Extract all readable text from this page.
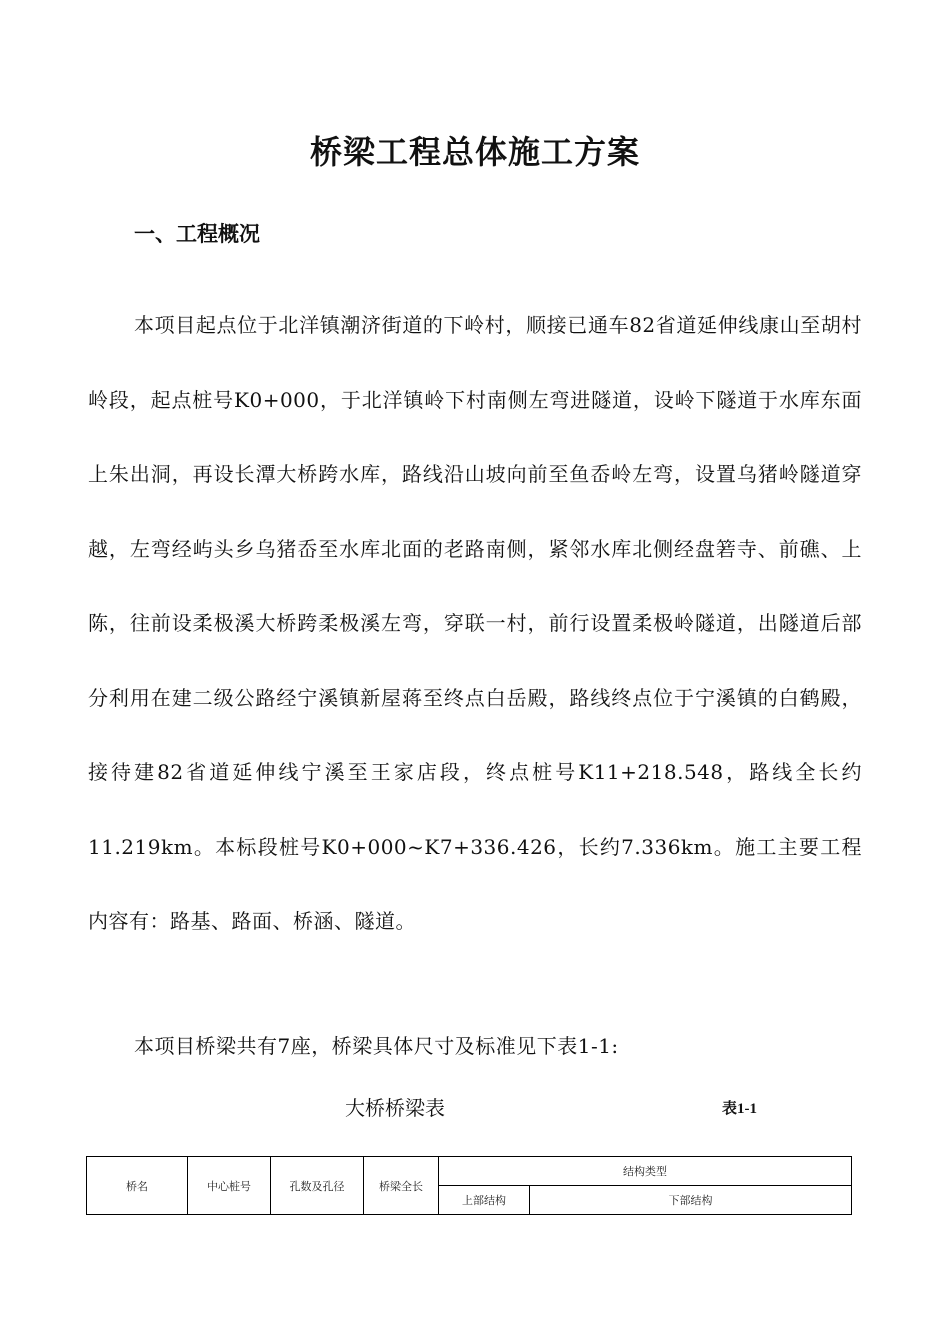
桥梁工程总体施工方案
一、工程概况

本项目起点位于北洋镇潮济街道的下岭村，顺接已通车82省道延伸线康山至胡村岭段，起点桩号K0+000，于北洋镇岭下村南侧左弯进隧道，设岭下隧道于水库东面上朱出洞，再设长潭大桥跨水库，路线沿山坡向前至鱼岙岭左弯，设置乌猪岭隧道穿越，左弯经屿头乡乌猪岙至水库北面的老路南侧，紧邻水库北侧经盘箬寺、前礁、上陈，往前设柔极溪大桥跨柔极溪左弯，穿联一村，前行设置柔极岭隧道，出隧道后部分利用在建二级公路经宁溪镇新屋蒋至终点白岳殿，路线终点位于宁溪镇的白鹤殿，接待建82省道延伸线宁溪至王家店段，终点桩号K11+218.548，路线全长约11.219km。本标段桩号K0+000~K7+336.426，长约7.336km。施工主要工程内容有：路基、路面、桥涵、隧道。

本项目桥梁共有7座，桥梁具体尺寸及标准见下表1-1:

大桥桥梁表	表1-1
桥名	中心桩号	孔数及孔径	桥梁全长	结构类型	
				上部结构	下部结构
